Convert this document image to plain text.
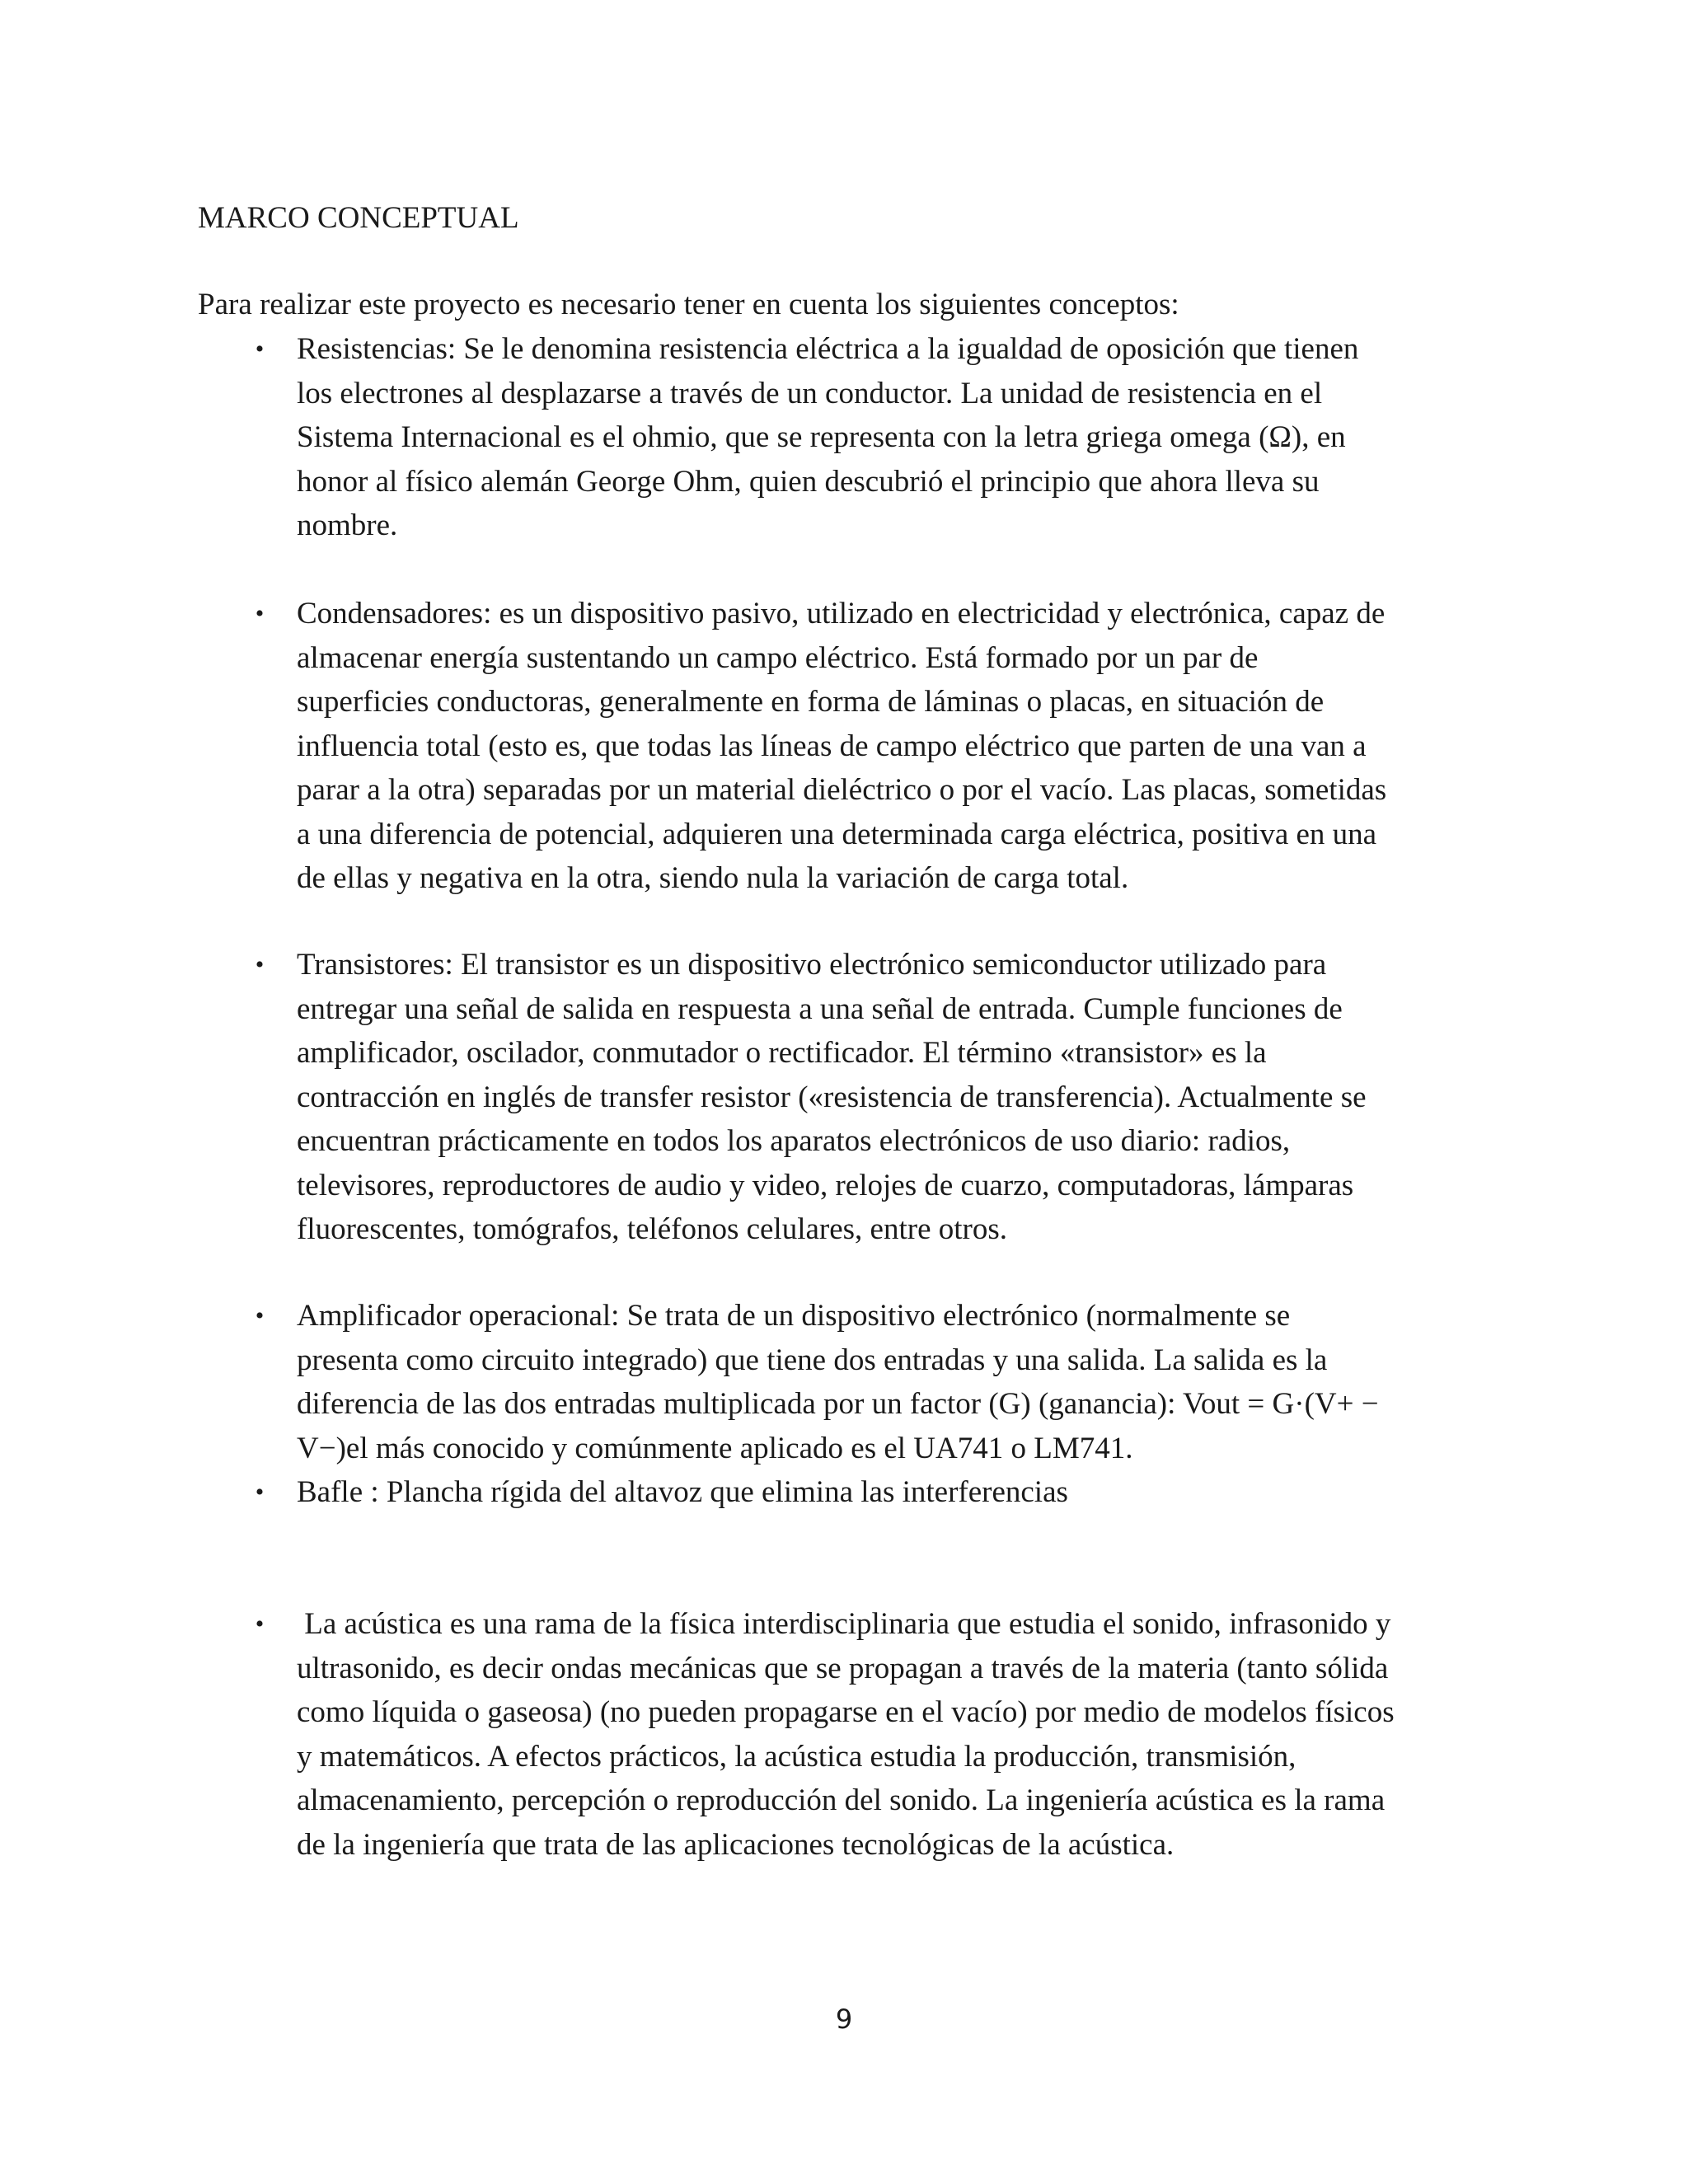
MARCO CONCEPTUAL
Para realizar este proyecto es necesario tener en cuenta los siguientes conceptos:
• Resistencias: Se le denomina resistencia eléctrica a la igualdad de oposición que tienen
los electrones al desplazarse a través de un conductor. La unidad de resistencia en el
Sistema Internacional es el ohmio, que se representa con la letra griega omega (Ω), en
honor al físico alemán George Ohm, quien descubrió el principio que ahora lleva su
nombre.
• Condensadores: es un dispositivo pasivo, utilizado en electricidad y electrónica, capaz de
almacenar energía sustentando un campo eléctrico. Está formado por un par de
superficies conductoras, generalmente en forma de láminas o placas, en situación de
influencia total (esto es, que todas las líneas de campo eléctrico que parten de una van a
parar a la otra) separadas por un material dieléctrico o por el vacío. Las placas, sometidas
a una diferencia de potencial, adquieren una determinada carga eléctrica, positiva en una
de ellas y negativa en la otra, siendo nula la variación de carga total.
• Transistores: El transistor es un dispositivo electrónico semiconductor utilizado para
entregar una señal de salida en respuesta a una señal de entrada. Cumple funciones de
amplificador, oscilador, conmutador o rectificador. El término «transistor» es la
contracción en inglés de transfer resistor («resistencia de transferencia). Actualmente se
encuentran prácticamente en todos los aparatos electrónicos de uso diario: radios,
televisores, reproductores de audio y video, relojes de cuarzo, computadoras, lámparas
fluorescentes, tomógrafos, teléfonos celulares, entre otros.
• Amplificador operacional: Se trata de un dispositivo electrónico (normalmente se
presenta como circuito integrado) que tiene dos entradas y una salida. La salida es la
diferencia de las dos entradas multiplicada por un factor (G) (ganancia): Vout = G·(V+ −
V−)el más conocido y comúnmente aplicado es el UA741 o LM741.
• Bafle : Plancha rígida del altavoz que elimina las interferencias
• La acústica es una rama de la física interdisciplinaria que estudia el sonido, infrasonido y
ultrasonido, es decir ondas mecánicas que se propagan a través de la materia (tanto sólida
como líquida o gaseosa) (no pueden propagarse en el vacío) por medio de modelos físicos
y matemáticos. A efectos prácticos, la acústica estudia la producción, transmisión,
almacenamiento, percepción o reproducción del sonido. La ingeniería acústica es la rama
de la ingeniería que trata de las aplicaciones tecnológicas de la acústica.
9
